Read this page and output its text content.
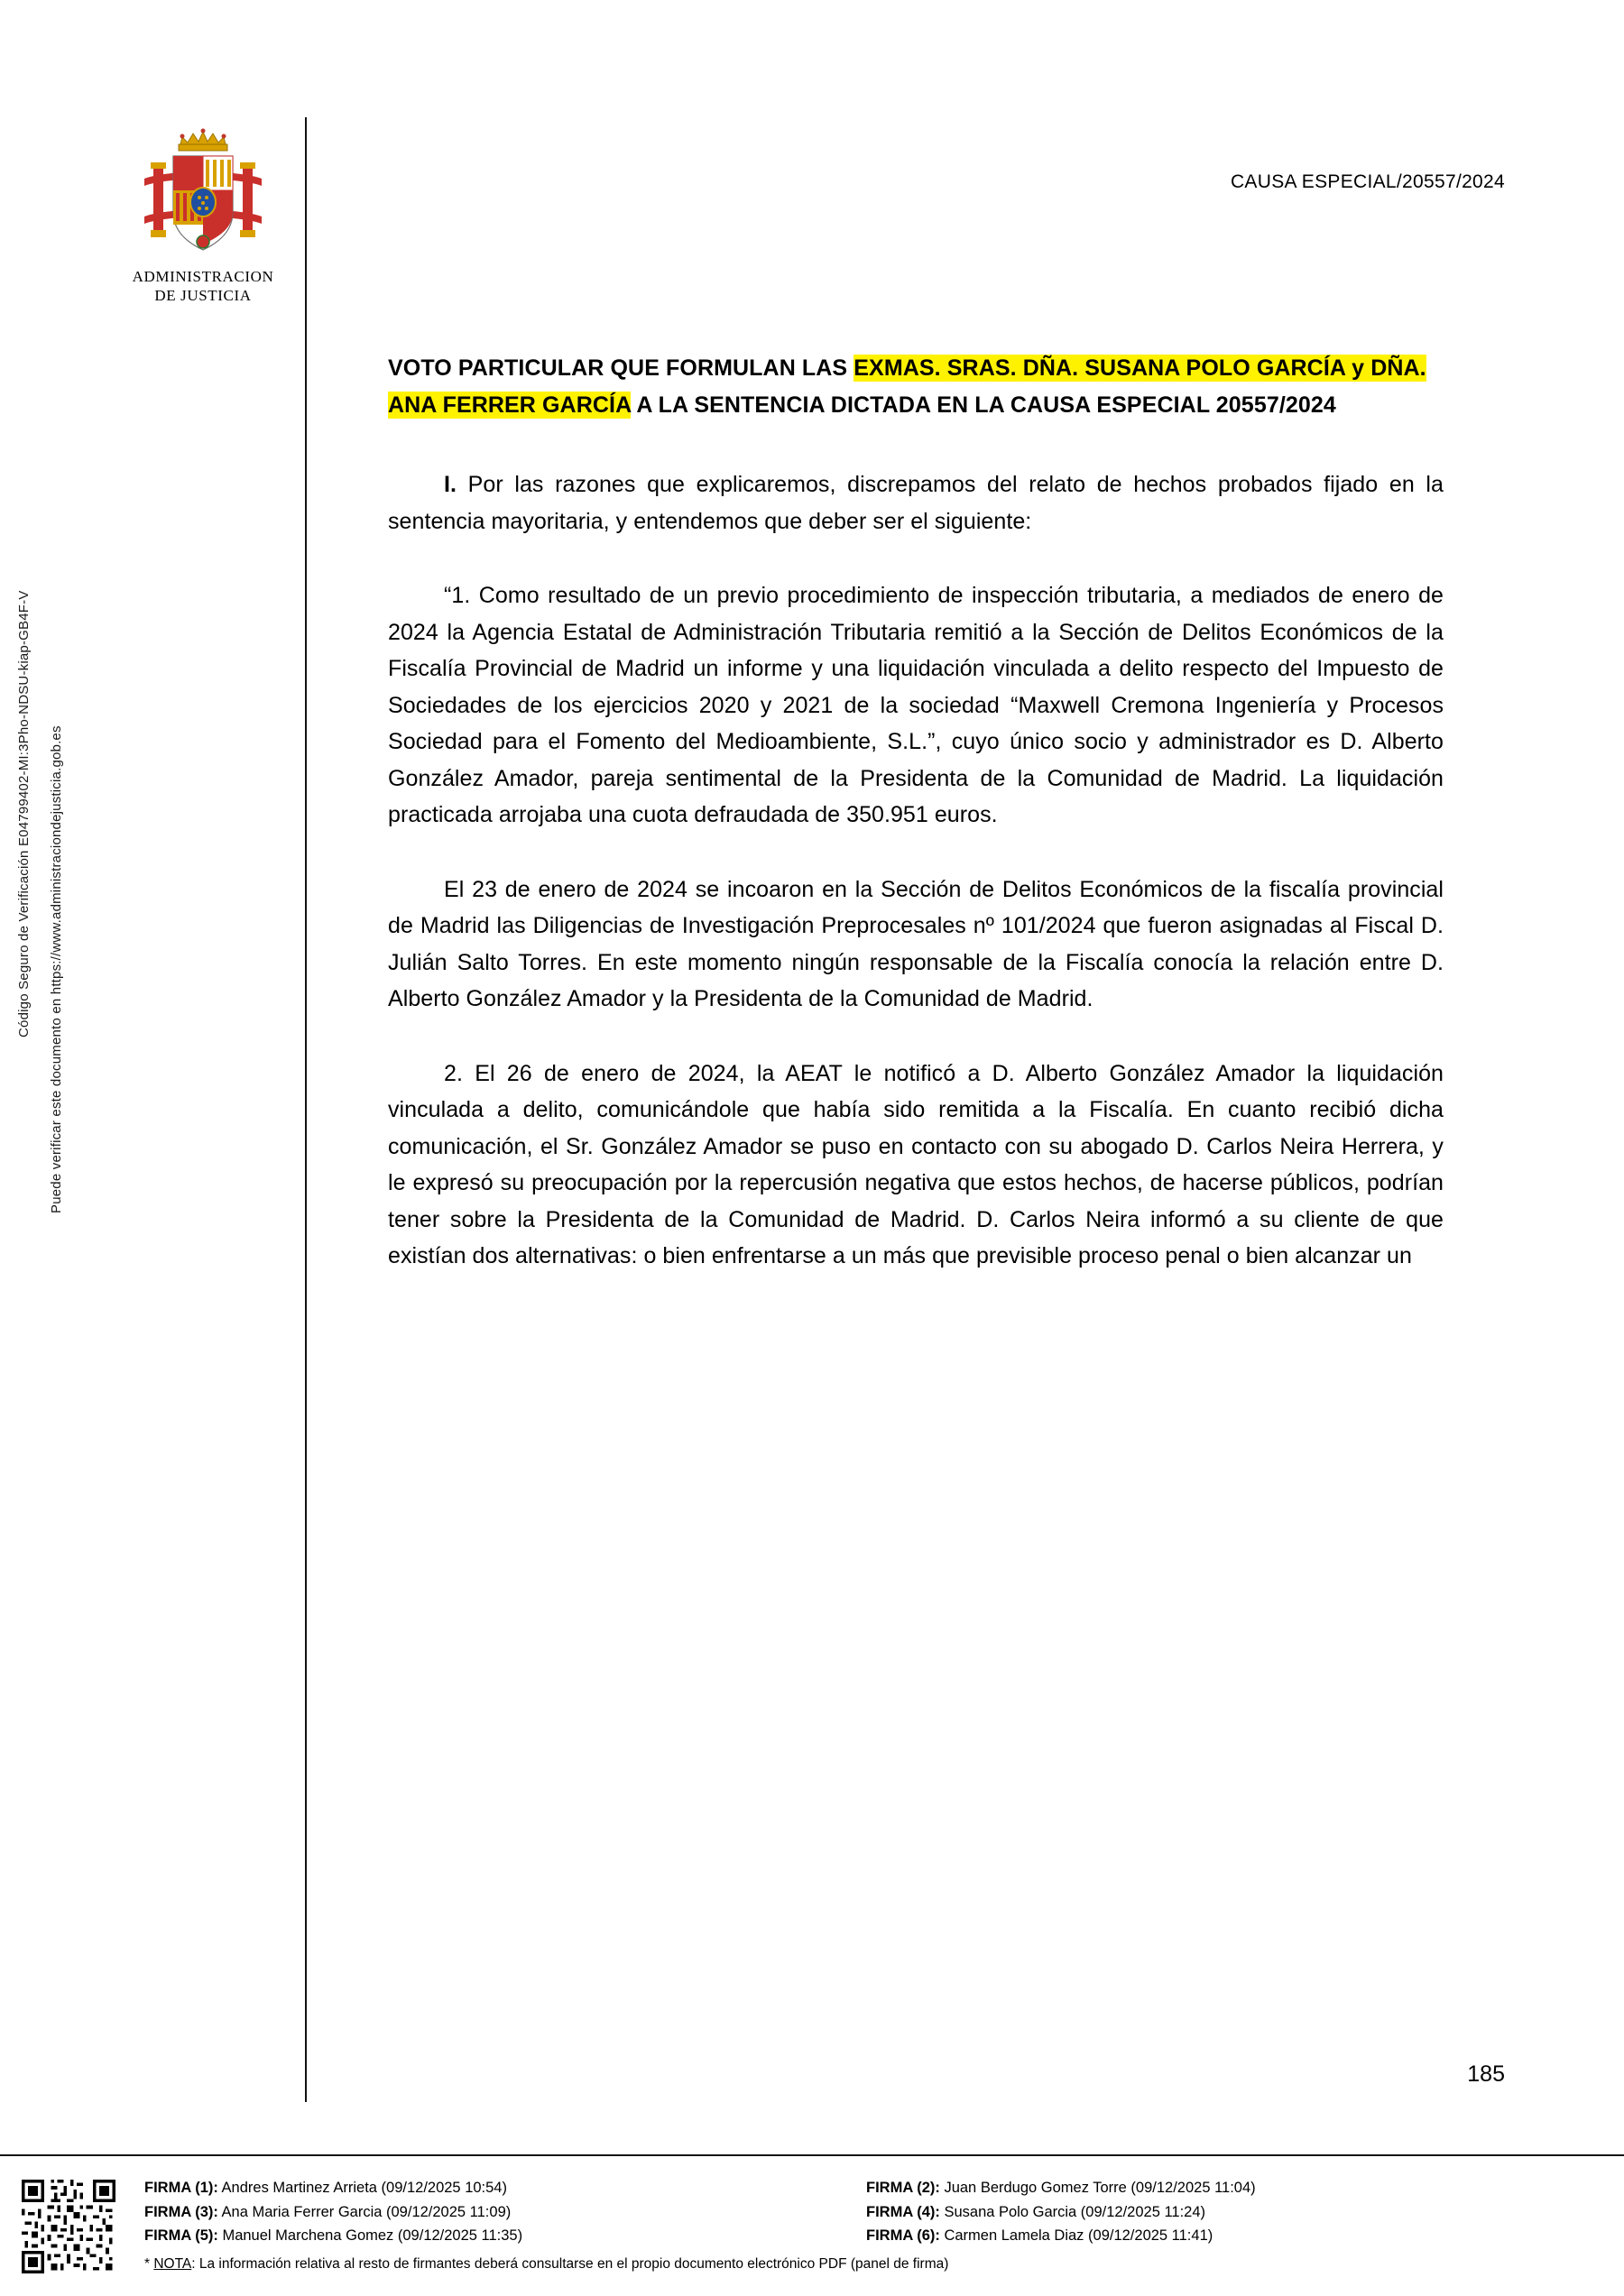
Código Seguro de Verificación E04799402-MI:3Pho-NDSU-kiap-GB4F-V Puede verificar este documento en https://www.administraciondejusticia.gob.es
ADMINISTRACION
DE JUSTICIA
CAUSA ESPECIAL/20557/2024
VOTO PARTICULAR QUE FORMULAN LAS EXMAS. SRAS. DÑA. SUSANA POLO GARCÍA y DÑA. ANA FERRER GARCÍA A LA SENTENCIA DICTADA EN LA CAUSA ESPECIAL 20557/2024

I. Por las razones que explicaremos, discrepamos del relato de hechos probados fijado en la sentencia mayoritaria, y entendemos que deber ser el siguiente:

“1. Como resultado de un previo procedimiento de inspección tributaria, a mediados de enero de 2024 la Agencia Estatal de Administración Tributaria remitió a la Sección de Delitos Económicos de la Fiscalía Provincial de Madrid un informe y una liquidación vinculada a delito respecto del Impuesto de Sociedades de los ejercicios 2020 y 2021 de la sociedad “Maxwell Cremona Ingeniería y Procesos Sociedad para el Fomento del Medioambiente, S.L.”, cuyo único socio y administrador es D. Alberto González Amador, pareja sentimental de la Presidenta de la Comunidad de Madrid. La liquidación practicada arrojaba una cuota defraudada de 350.951 euros.

El 23 de enero de 2024 se incoaron en la Sección de Delitos Económicos de la fiscalía provincial de Madrid las Diligencias de Investigación Preprocesales nº 101/2024 que fueron asignadas al Fiscal D. Julián Salto Torres. En este momento ningún responsable de la Fiscalía conocía la relación entre D. Alberto González Amador y la Presidenta de la Comunidad de Madrid.

2. El 26 de enero de 2024, la AEAT le notificó a D. Alberto González Amador la liquidación vinculada a delito, comunicándole que había sido remitida a la Fiscalía. En cuanto recibió dicha comunicación, el Sr. González Amador se puso en contacto con su abogado D. Carlos Neira Herrera, y le expresó su preocupación por la repercusión negativa que estos hechos, de hacerse públicos, podrían tener sobre la Presidenta de la Comunidad de Madrid. D. Carlos Neira informó a su cliente de que existían dos alternativas: o bien enfrentarse a un más que previsible proceso penal o bien alcanzar un

185
FIRMA (1): Andres Martinez Arrieta (09/12/2025 10:54)	FIRMA (2): Juan Berdugo Gomez Torre (09/12/2025 11:04)
FIRMA (3): Ana Maria Ferrer Garcia (09/12/2025 11:09)	FIRMA (4): Susana Polo Garcia (09/12/2025 11:24)
FIRMA (5): Manuel Marchena Gomez (09/12/2025 11:35)	FIRMA (6): Carmen Lamela Diaz (09/12/2025 11:41)
* NOTA: La información relativa al resto de firmantes deberá consultarse en el propio documento electrónico PDF (panel de firma)
